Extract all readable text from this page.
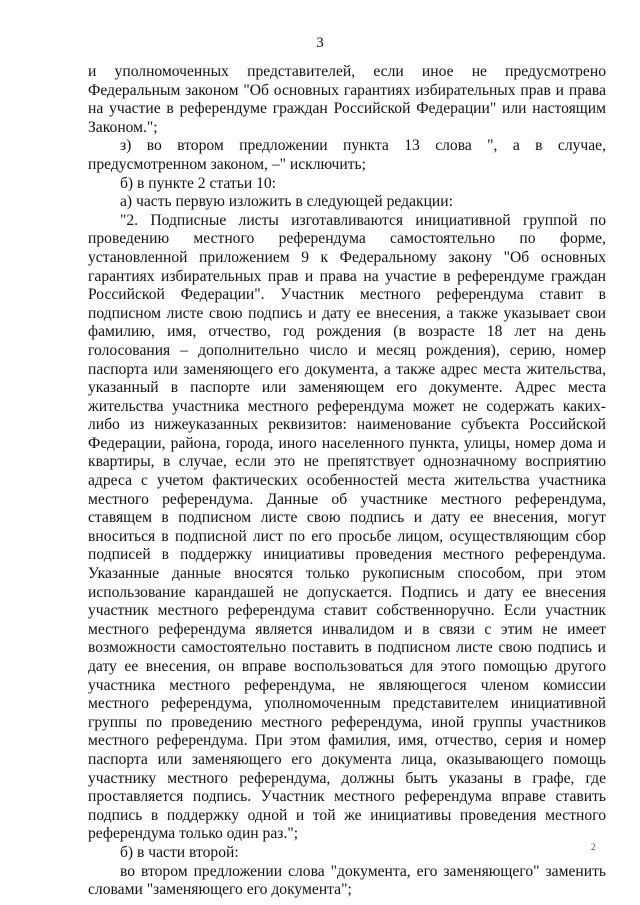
3

и уполномоченных представителей, если иное не предусмотрено Федеральным законом "Об основных гарантиях избирательных прав и права на участие в референдуме граждан Российской Федерации" или настоящим Законом.";

з) во втором предложении пункта 13 слова ", а в случае, предусмотренном законом, –" исключить;

б) в пункте 2 статьи 10:

а) часть первую изложить в следующей редакции:

"2. Подписные листы изготавливаются инициативной группой по проведению местного референдума самостоятельно по форме, установленной приложением 9 к Федеральному закону "Об основных гарантиях избирательных прав и права на участие в референдуме граждан Российской Федерации". Участник местного референдума ставит в подписном листе свою подпись и дату ее внесения, а также указывает свои фамилию, имя, отчество, год рождения (в возрасте 18 лет на день голосования – дополнительно число и месяц рождения), серию, номер паспорта или заменяющего его документа, а также адрес места жительства, указанный в паспорте или заменяющем его документе. Адрес места жительства участника местного референдума может не содержать каких-либо из нижеуказанных реквизитов: наименование субъекта Российской Федерации, района, города, иного населенного пункта, улицы, номер дома и квартиры, в случае, если это не препятствует однозначному восприятию адреса с учетом фактических особенностей места жительства участника местного референдума. Данные об участнике местного референдума, ставящем в подписном листе свою подпись и дату ее внесения, могут вноситься в подписной лист по его просьбе лицом, осуществляющим сбор подписей в поддержку инициативы проведения местного референдума. Указанные данные вносятся только рукописным способом, при этом использование карандашей не допускается. Подпись и дату ее внесения участник местного референдума ставит собственноручно. Если участник местного референдума является инвалидом и в связи с этим не имеет возможности самостоятельно поставить в подписном листе свою подпись и дату ее внесения, он вправе воспользоваться для этого помощью другого участника местного референдума, не являющегося членом комиссии местного референдума, уполномоченным представителем инициативной группы по проведению местного референдума, иной группы участников местного референдума. При этом фамилия, имя, отчество, серия и номер паспорта или заменяющего его документа лица, оказывающего помощь участнику местного референдума, должны быть указаны в графе, где проставляется подпись. Участник местного референдума вправе ставить подпись в поддержку одной и той же инициативы проведения местного референдума только один раз.";

б) в части второй:

во втором предложении слова "документа, его заменяющего" заменить словами "заменяющего его документа";

2
